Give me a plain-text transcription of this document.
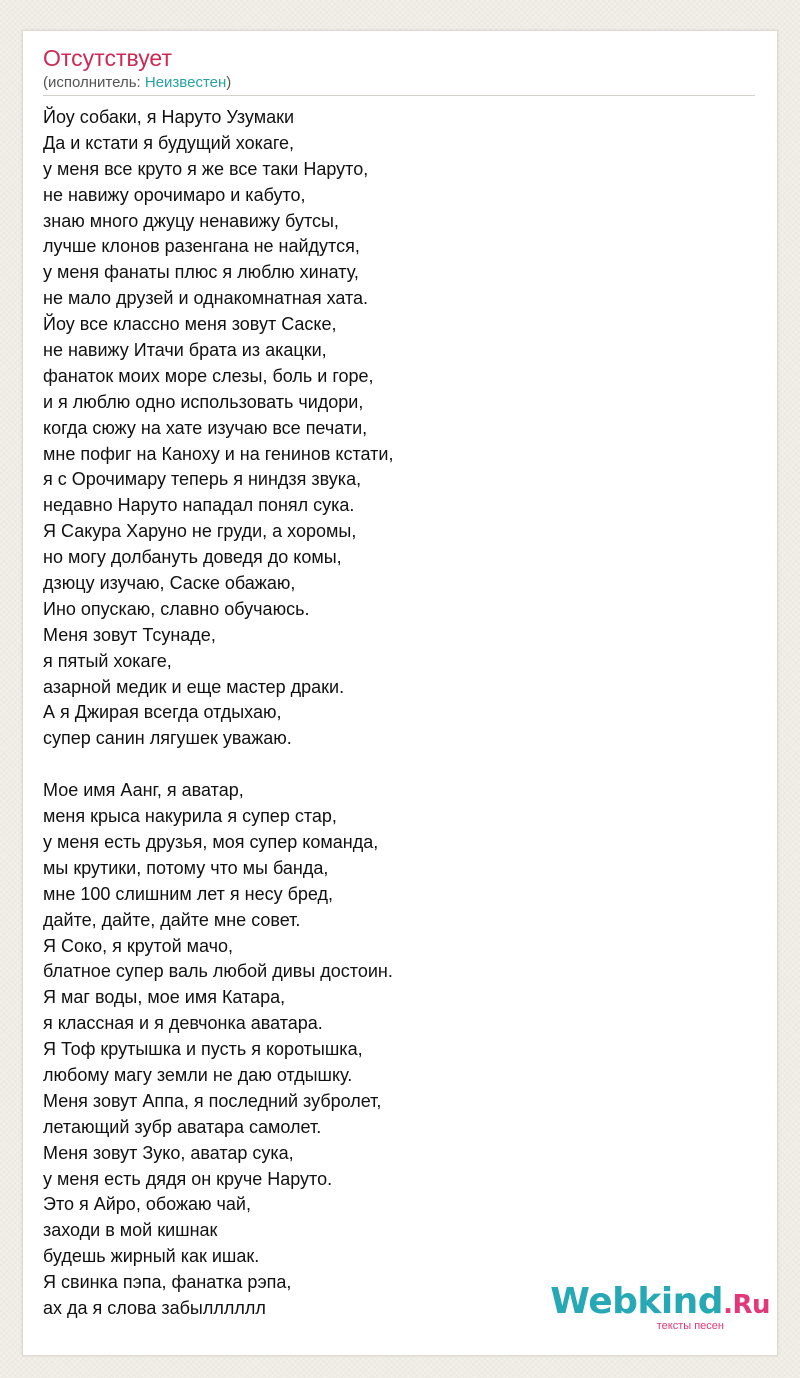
Отсутствует
(исполнитель: Неизвестен)
Йоу собаки, я Наруто Узумаки
Да и кстати я будущий хокаге,
у меня все круто я же все таки Наруто,
не навижу орочимаро и кабуто,
знаю много джуцу ненавижу бутсы,
лучше клонов разенгана не найдутся,
у меня фанаты плюс я люблю хинату,
не мало друзей и однакомнатная хата.
Йоу все классно меня зовут Саске,
не навижу Итачи брата из акацки,
фанаток моих море слезы, боль и горе,
и я люблю одно использовать чидори,
когда сюжу на хате изучаю все печати,
мне пофиг на Каноху и на генинов кстати,
я с Орочимару теперь я ниндзя звука,
недавно Наруто нападал понял сука.
Я Сакура Харуно не груди, а хоромы,
но могу долбануть доведя до комы,
дзюцу изучаю, Саске обажаю,
Ино опускаю, славно обучаюсь.
Меня зовут Тсунаде,
я пятый хокаге,
азарной медик и еще мастер драки.
А я Джирая всегда отдыхаю,
супер санин лягушек уважаю.
Мое имя Аанг, я аватар,
меня крыса накурила я супер стар,
у меня есть друзья, моя супер команда,
мы крутики, потому что мы банда,
мне 100 слишним лет я несу бред,
дайте, дайте, дайте мне совет.
Я Соко, я крутой мачо,
блатное супер валь любой дивы достоин.
Я маг воды, мое имя Катара,
я классная и я девчонка аватара.
Я Тоф крутышка и пусть я коротышка,
любому магу земли не даю отдышку.
Меня зовут Аппа, я последний зубролет,
летающий зубр аватара самолет.
Меня зовут Зуко, аватар сука,
у меня есть дядя он круче Наруто.
Это я Айро, обожаю чай,
заходи в мой кишнак
будешь жирный как ишак.
Я свинка пэпа, фанатка рэпа,
ах да я слова забылллллл	Webkind.Ru
тексты песен
